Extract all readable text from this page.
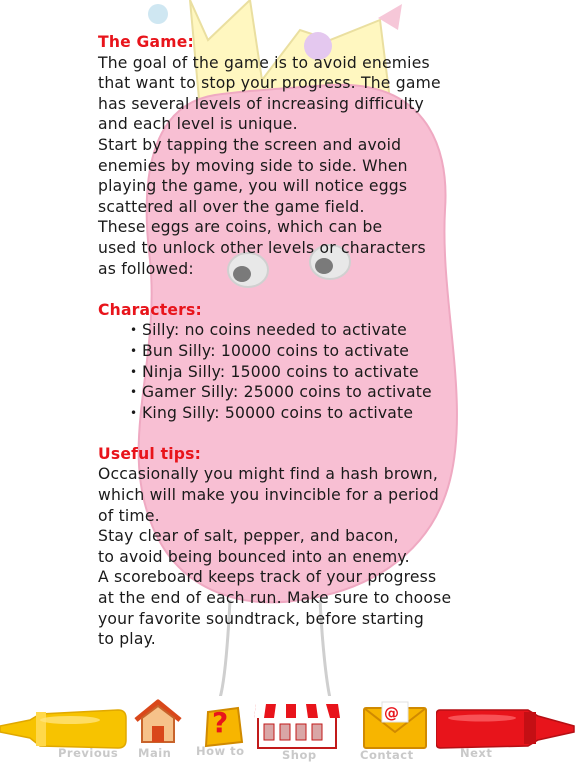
The Game:
The goal of the game is to avoid enemies
that want to stop your progress. The game
has several levels of increasing difficulty
and each level is unique.
Start by tapping the screen and avoid
enemies by moving side to side. When
playing the game, you will notice eggs
scattered all over the game field.
These eggs are coins, which can be
used to unlock other levels or characters
as followed:
Characters:
• Silly: no coins needed to activate
• Bun Silly: 10000 coins to activate
• Ninja Silly: 15000 coins to activate
• Gamer Silly: 25000 coins to activate
• King Silly: 50000 coins to activate
Useful tips:
Occasionally you might find a hash brown,
which will make you invincible for a period
of time.
Stay clear of salt, pepper, and bacon,
to avoid being bounced into an enemy.
A scoreboard keeps track of your progress
at the end of each run. Make sure to choose
your favorite soundtrack, before starting
to play.
Previous Main
?
How to	Shop
@
Contact	Next
